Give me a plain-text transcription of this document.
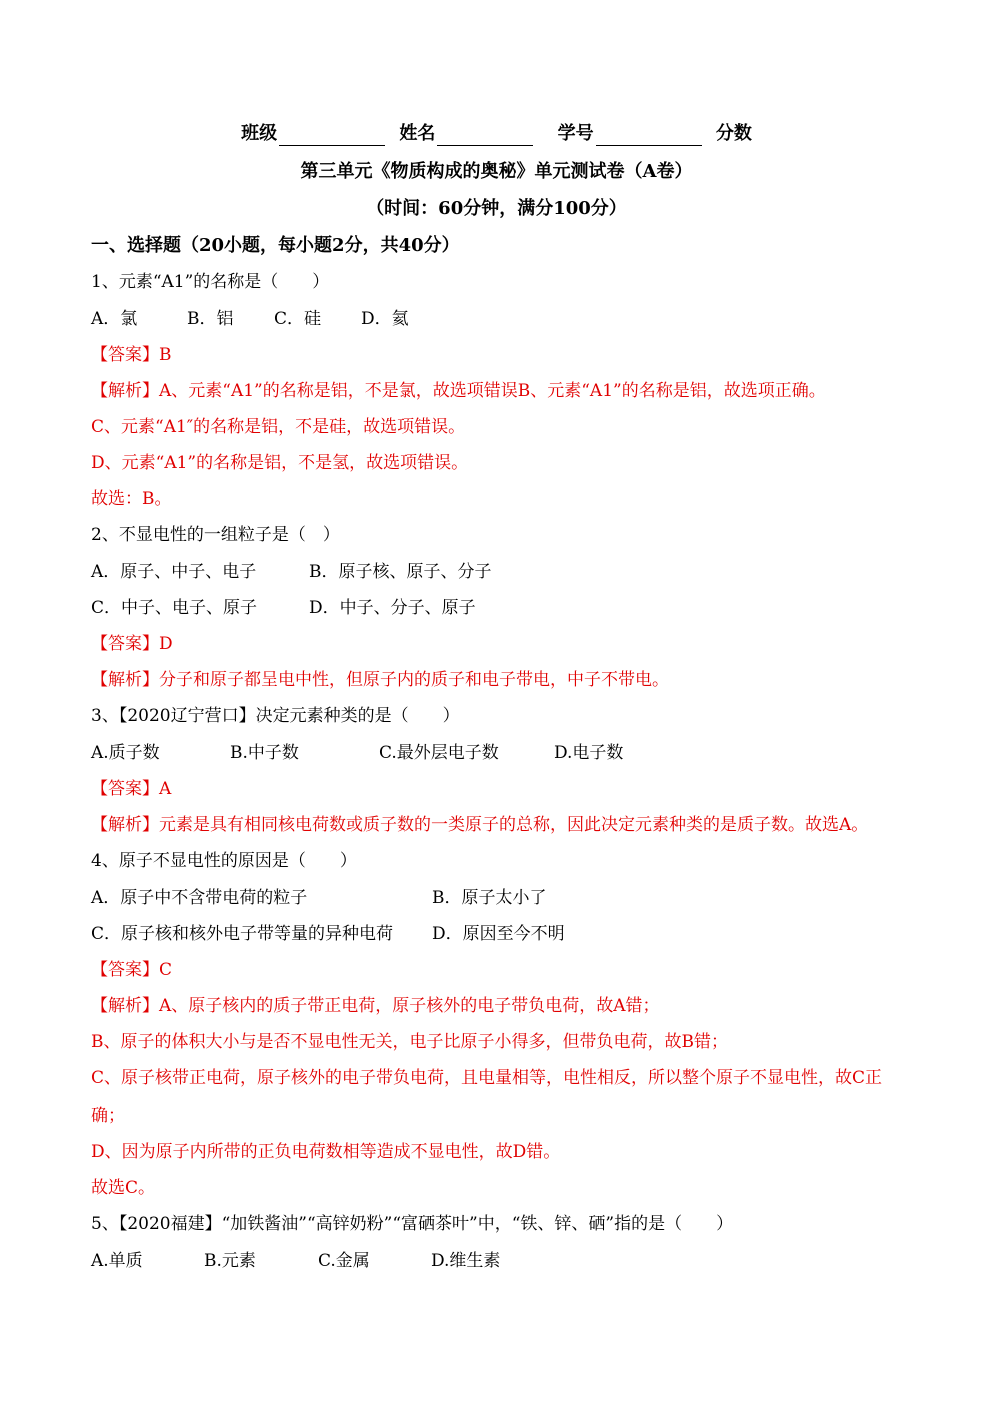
班级	姓名	学号	分数
第三单元《物质构成的奥秘》单元测试卷（A卷）
（时间：60分钟，满分100分）
一、选择题（20小题，每小题2分，共40分）
1、元素“A1”的名称是（　　）
A．氯	B．铝 C．硅 D．氦
【答案】B
【解析】A、元素“A1”的名称是铝，不是氯，故选项错误B、元素“A1”的名称是铝，故选项正确。
C、元素“A1″的名称是铝，不是硅，故选项错误。
D、元素“A1”的名称是铝，不是氢，故选项错误。
故选：B。
2、不显电性的一组粒子是（　）
A．原子、中子、电子	B．原子核、原子、分子
C．中子、电子、原子	D．中子、分子、原子
【答案】D
【解析】分子和原子都呈电中性，但原子内的质子和电子带电，中子不带电。
3、【2020辽宁营口】决定元素种类的是（　　）
A.质子数	B.中子数	C.最外层电子数	D.电子数
【答案】A
【解析】元素是具有相同核电荷数或质子数的一类原子的总称，因此决定元素种类的是质子数。故选A。
4、原子不显电性的原因是（　　）
A．原子中不含带电荷的粒子	B．原子太小了
C．原子核和核外电子带等量的异种电荷 D．原因至今不明
【答案】C
【解析】A、原子核内的质子带正电荷，原子核外的电子带负电荷，故A错；
B、原子的体积大小与是否不显电性无关，电子比原子小得多，但带负电荷，故B错；
C、原子核带正电荷，原子核外的电子带负电荷，且电量相等，电性相反，所以整个原子不显电性，故C正
确；
D、因为原子内所带的正负电荷数相等造成不显电性，故D错。
故选C。
5、【2020福建】“加铁酱油”“高锌奶粉”“富硒茶叶”中，“铁、锌、硒”指的是（　　）
A.单质	B.元素	C.金属	D.维生素
